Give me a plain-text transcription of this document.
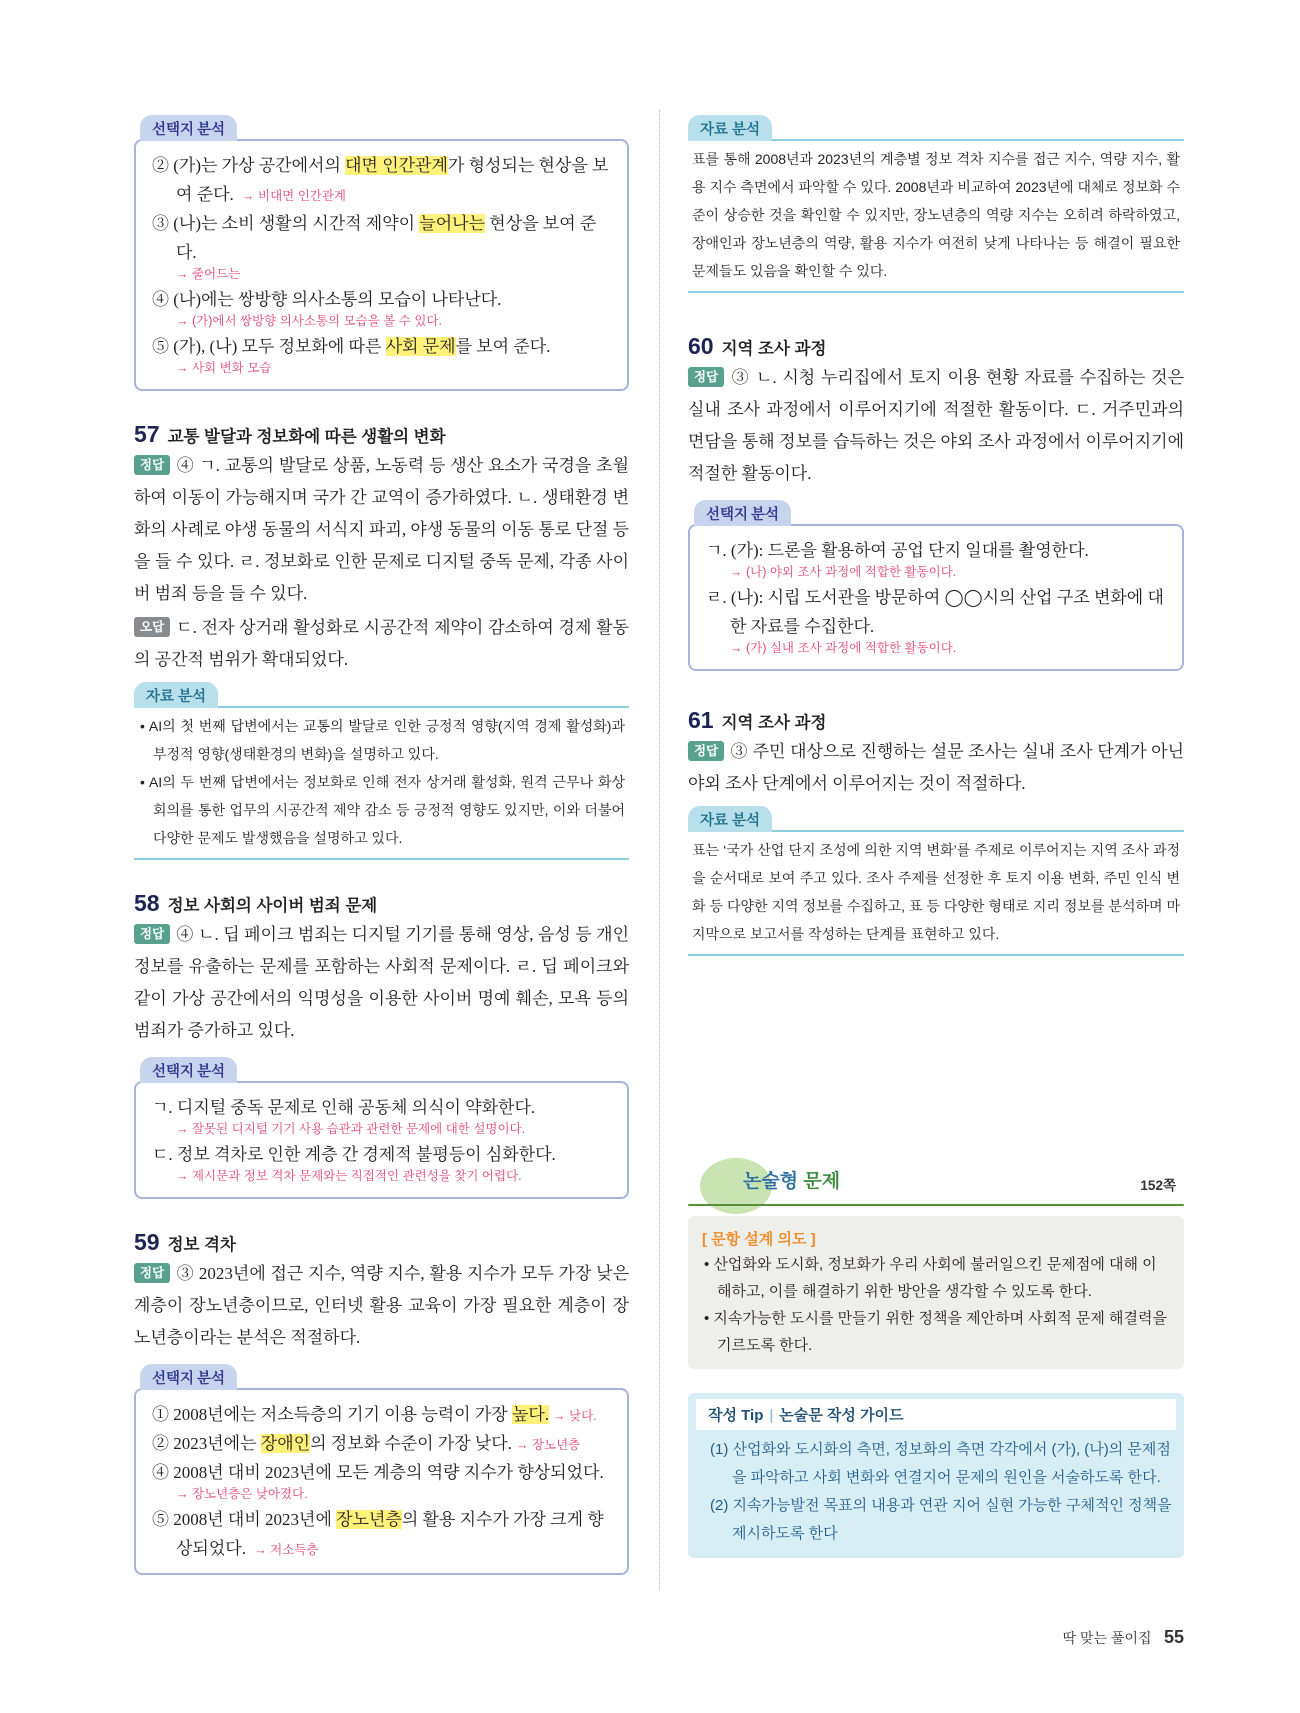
선택지 분석
② (가)는 가상 공간에서의 대면 인간관계가 형성되는 현상을 보여 준다. → 비대면 인간관계
③ (나)는 소비 생활의 시간적 제약이 늘어나는 현상을 보여 준다.
→ 줄어드는
④ (나)에는 쌍방향 의사소통의 모습이 나타난다.
→ (가)에서 쌍방향 의사소통의 모습을 볼 수 있다.
⑤ (가), (나) 모두 정보화에 따른 사회 문제를 보여 준다.
→ 사회 변화 모습
57 교통 발달과 정보화에 따른 생활의 변화

정답 ④ ㄱ. 교통의 발달로 상품, 노동력 등 생산 요소가 국경을 초월하여 이동이 가능해지며 국가 간 교역이 증가하였다. ㄴ. 생태환경 변화의 사례로 야생 동물의 서식지 파괴, 야생 동물의 이동 통로 단절 등을 들 수 있다. ㄹ. 정보화로 인한 문제로 디지털 중독 문제, 각종 사이버 범죄 등을 들 수 있다.

오답 ㄷ. 전자 상거래 활성화로 시공간적 제약이 감소하여 경제 활동의 공간적 범위가 확대되었다.

자료 분석
• AI의 첫 번째 답변에서는 교통의 발달로 인한 긍정적 영향(지역 경제 활성화)과 부정적 영향(생태환경의 변화)을 설명하고 있다.
• AI의 두 번째 답변에서는 정보화로 인해 전자 상거래 활성화, 원격 근무나 화상 회의를 통한 업무의 시공간적 제약 감소 등 긍정적 영향도 있지만, 이와 더불어 다양한 문제도 발생했음을 설명하고 있다.
58 정보 사회의 사이버 범죄 문제

정답 ④ ㄴ. 딥 페이크 범죄는 디지털 기기를 통해 영상, 음성 등 개인 정보를 유출하는 문제를 포함하는 사회적 문제이다. ㄹ. 딥 페이크와 같이 가상 공간에서의 익명성을 이용한 사이버 명예 훼손, 모욕 등의 범죄가 증가하고 있다.

선택지 분석
ㄱ. 디지털 중독 문제로 인해 공동체 의식이 약화한다.
→ 잘못된 디지털 기기 사용 습관과 관련한 문제에 대한 설명이다.
ㄷ. 정보 격차로 인한 계층 간 경제적 불평등이 심화한다.
→ 제시문과 정보 격차 문제와는 직접적인 관련성을 찾기 어렵다.
59 정보 격차

정답 ③ 2023년에 접근 지수, 역량 지수, 활용 지수가 모두 가장 낮은 계층이 장노년층이므로, 인터넷 활용 교육이 가장 필요한 계층이 장노년층이라는 분석은 적절하다.

선택지 분석
① 2008년에는 저소득층의 기기 이용 능력이 가장 높다. → 낮다.
② 2023년에는 장애인의 정보화 수준이 가장 낮다. → 장노년층
④ 2008년 대비 2023년에 모든 계층의 역량 지수가 향상되었다.
→ 장노년층은 낮아졌다.
⑤ 2008년 대비 2023년에 장노년층의 활용 지수가 가장 크게 향상되었다. → 저소득층
자료 분석
표를 통해 2008년과 2023년의 계층별 정보 격차 지수를 접근 지수, 역량 지수, 활용 지수 측면에서 파악할 수 있다. 2008년과 비교하여 2023년에 대체로 정보화 수준이 상승한 것을 확인할 수 있지만, 장노년층의 역량 지수는 오히려 하락하였고, 장애인과 장노년층의 역량, 활용 지수가 여전히 낮게 나타나는 등 해결이 필요한 문제들도 있음을 확인할 수 있다.
60 지역 조사 과정

정답 ③ ㄴ. 시청 누리집에서 토지 이용 현황 자료를 수집하는 것은 실내 조사 과정에서 이루어지기에 적절한 활동이다. ㄷ. 거주민과의 면담을 통해 정보를 습득하는 것은 야외 조사 과정에서 이루어지기에 적절한 활동이다.

선택지 분석
ㄱ. (가): 드론을 활용하여 공업 단지 일대를 촬영한다.
→ (나) 야외 조사 과정에 적합한 활동이다.
ㄹ. (나): 시립 도서관을 방문하여 ◯◯시의 산업 구조 변화에 대한 자료를 수집한다.
→ (가) 실내 조사 과정에 적합한 활동이다.
61 지역 조사 과정

정답 ③ 주민 대상으로 진행하는 설문 조사는 실내 조사 단계가 아닌 야외 조사 단계에서 이루어지는 것이 적절하다.

자료 분석
표는 ‘국가 산업 단지 조성에 의한 지역 변화’를 주제로 이루어지는 지역 조사 과정을 순서대로 보여 주고 있다. 조사 주제를 선정한 후 토지 이용 변화, 주민 인식 변화 등 다양한 지역 정보를 수집하고, 표 등 다양한 형태로 지리 정보를 분석하며 마지막으로 보고서를 작성하는 단계를 표현하고 있다.
논술형 문제	152쪽
[ 문항 설계 의도 ]
• 산업화와 도시화, 정보화가 우리 사회에 불러일으킨 문제점에 대해 이해하고, 이를 해결하기 위한 방안을 생각할 수 있도록 한다.
• 지속가능한 도시를 만들기 위한 정책을 제안하며 사회적 문제 해결력을 기르도록 한다.
작성 Tip | 논술문 작성 가이드
(1) 산업화와 도시화의 측면, 정보화의 측면 각각에서 (가), (나)의 문제점을 파악하고 사회 변화와 연결지어 문제의 원인을 서술하도록 한다.
(2) 지속가능발전 목표의 내용과 연관 지어 실현 가능한 구체적인 정책을 제시하도록 한다
딱 맞는 풀이집 55
